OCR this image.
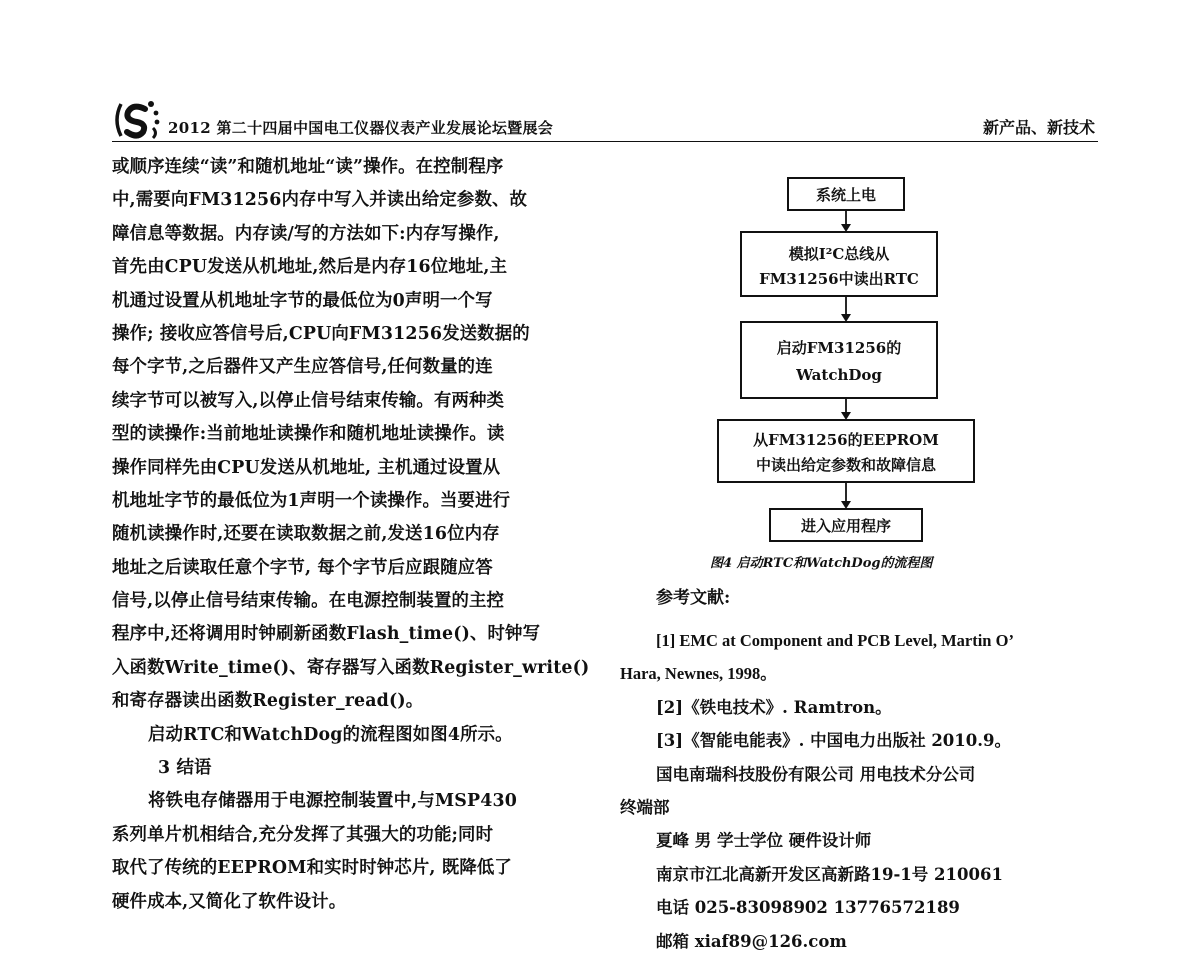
2012 第二十四届中国电工仪器仪表产业发展论坛暨展会	新产品、新技术
或顺序连续“读”和随机地址“读”操作。在控制程序
中,需要向FM31256内存中写入并读出给定参数、故
障信息等数据。内存读/写的方法如下:内存写操作,
首先由CPU发送从机地址,然后是内存16位地址,主
机通过设置从机地址字节的最低位为0声明一个写
操作; 接收应答信号后,CPU向FM31256发送数据的
每个字节,之后器件又产生应答信号,任何数量的连
续字节可以被写入,以停止信号结束传输。有两种类
型的读操作:当前地址读操作和随机地址读操作。读
操作同样先由CPU发送从机地址, 主机通过设置从
机地址字节的最低位为1声明一个读操作。当要进行
随机读操作时,还要在读取数据之前,发送16位内存
地址之后读取任意个字节, 每个字节后应跟随应答
信号,以停止信号结束传输。在电源控制装置的主控
程序中,还将调用时钟刷新函数Flash_time()、时钟写
入函数Write_time()、寄存器写入函数Register_write()
和寄存器读出函数Register_read()。
启动RTC和WatchDog的流程图如图4所示。
3 结语
将铁电存储器用于电源控制装置中,与MSP430
系列单片机相结合,充分发挥了其强大的功能;同时
取代了传统的EEPROM和实时时钟芯片, 既降低了
硬件成本,又简化了软件设计。
系统上电
模拟I²C总线从
FM31256中读出RTC
启动FM31256的
WatchDog
从FM31256的EEPROM
中读出给定参数和故障信息
进入应用程序
图4 启动RTC和WatchDog的流程图
参考文献:
[1] EMC at Component and PCB Level, Martin O’
Hara, Newnes, 1998。
[2]《铁电技术》. Ramtron。
[3]《智能电能表》. 中国电力出版社 2010.9。
国电南瑞科技股份有限公司 用电技术分公司
终端部
夏峰 男 学士学位 硬件设计师
南京市江北高新开发区高新路19-1号 210061
电话 025-83098902 13776572189
邮箱 xiaf89@126.com
